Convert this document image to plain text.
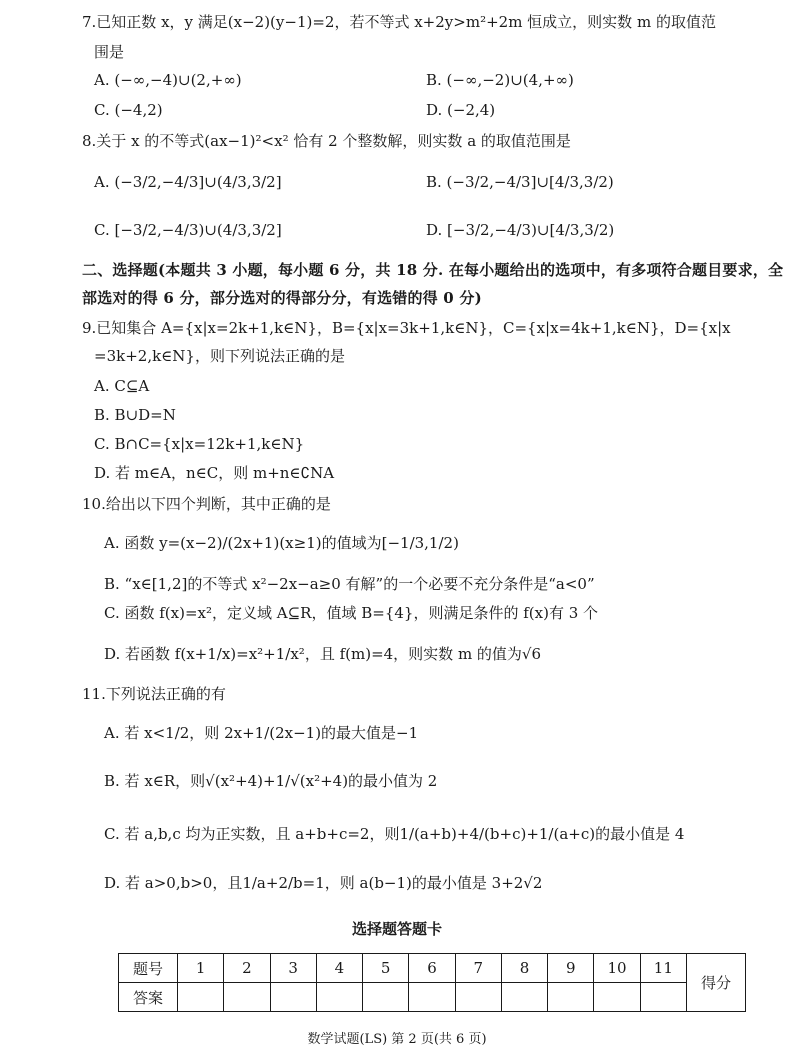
7.已知正数 x，y 满足(x−2)(y−1)=2，若不等式 x+2y>m²+2m 恒成立，则实数 m 的取值范
围是
A. (−∞,−4)∪(2,+∞)	B. (−∞,−2)∪(4,+∞)
C. (−4,2)	D. (−2,4)
8.关于 x 的不等式(ax−1)²<x² 恰有 2 个整数解，则实数 a 的取值范围是
A. (−3/2,−4/3]∪(4/3,3/2]	B. (−3/2,−4/3]∪[4/3,3/2)
C. [−3/2,−4/3)∪(4/3,3/2]	D. [−3/2,−4/3)∪[4/3,3/2)
二、选择题(本题共 3 小题，每小题 6 分，共 18 分. 在每小题给出的选项中，有多项符合题目要求，全
部选对的得 6 分，部分选对的得部分分，有选错的得 0 分)
9.已知集合 A={x|x=2k+1,k∈N}，B={x|x=3k+1,k∈N}，C={x|x=4k+1,k∈N}，D={x|x
=3k+2,k∈N}，则下列说法正确的是
A. C⊆A
B. B∪D=N
C. B∩C={x|x=12k+1,k∈N}
D. 若 m∈A，n∈C，则 m+n∈∁NA
10.给出以下四个判断，其中正确的是
A. 函数 y=(x−2)/(2x+1)(x≥1)的值域为[−1/3,1/2)
B. “x∈[1,2]的不等式 x²−2x−a≥0 有解”的一个必要不充分条件是“a<0”
C. 函数 f(x)=x²，定义域 A⊆R，值域 B={4}，则满足条件的 f(x)有 3 个
D. 若函数 f(x+1/x)=x²+1/x²，且 f(m)=4，则实数 m 的值为√6
11.下列说法正确的有
A. 若 x<1/2，则 2x+1/(2x−1)的最大值是−1
B. 若 x∈R，则√(x²+4)+1/√(x²+4)的最小值为 2
C. 若 a,b,c 均为正实数，且 a+b+c=2，则1/(a+b)+4/(b+c)+1/(a+c)的最小值是 4
D. 若 a>0,b>0，且1/a+2/b=1，则 a(b−1)的最小值是 3+2√2
选择题答题卡
题号	1	2	3	4	5	6	7	8	9	10	11	得分
答案												
数学试题(LS) 第 2 页(共 6 页)
